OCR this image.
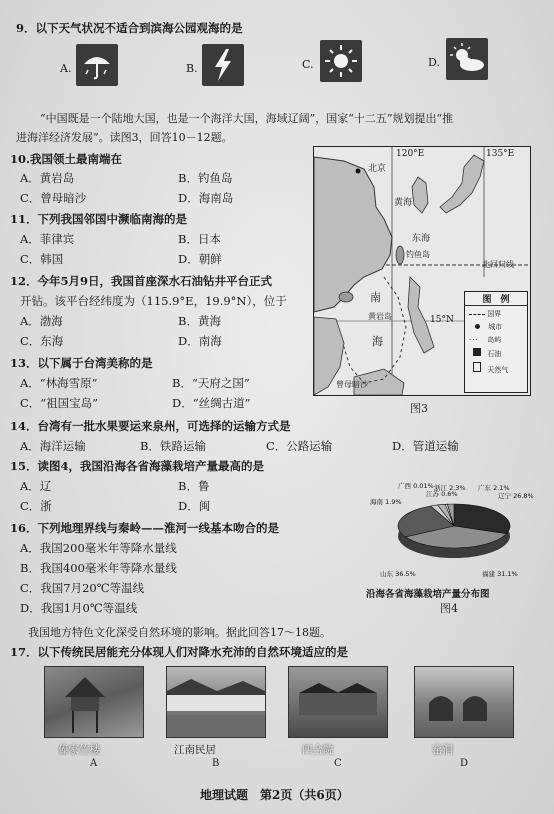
9．以下天气状况不适合到滨海公园观海的是
A.	B.	C.	D.
“中国既是一个陆地大国，也是一个海洋大国，海域辽阔”，国家“十二五”规划提出“推
进海洋经济发展”。读图3，回答10－12题。
10.我国领土最南端在
A．黄岩岛	B．钓鱼岛
C．曾母暗沙	D．海南岛
11．下列我国邻国中濒临南海的是
A．菲律宾	B．日本
C．韩国	D．朝鲜
12．今年5月9日，我国首座深水石油钻井平台正式
开钻。该平台经纬度为（115.9°E，19.9°N），位于
A．渤海	B．黄海
C．东海	D．南海
13．以下属于台湾美称的是
A．“林海雪原”	B．“天府之国”
C．“祖国宝岛”	D．“丝绸古道”
120°E	135°E
北京
黄海
东海
钓鱼岛
北回归线
南
海
黄岩岛	15°N
曾母暗沙
图　例
国界
城市
··· 岛屿
石油
天然气
图3
14．台湾有一批水果要运来泉州，可选择的运输方式是
A．海洋运输	B．铁路运输	C．公路运输	D．管道运输
15．读图4，我国沿海各省海藻栽培产量最高的是
A．辽	B．鲁
C．浙	D．闽
福建 31.1%
山东 36.5%
辽宁 26.8%
广东 2.1%
浙江 2.3%
江苏 0.6%
广西 0.01%
海南 1.9%
沿海各省海藻栽培产量分布图
图4
16．下列地理界线与秦岭——淮河一线基本吻合的是
A．我国200毫米年等降水量线
B．我国400毫米年等降水量线
C．我国7月20℃等温线
D．我国1月0℃等温线
我国地方特色文化深受自然环境的影响。据此回答17～18题。
17．以下传统民居能充分体现人们对降水充沛的自然环境适应的是
傣家竹楼
A
江南民居
B
四合院
C
窑洞
D
地理试题　第2页（共6页）
